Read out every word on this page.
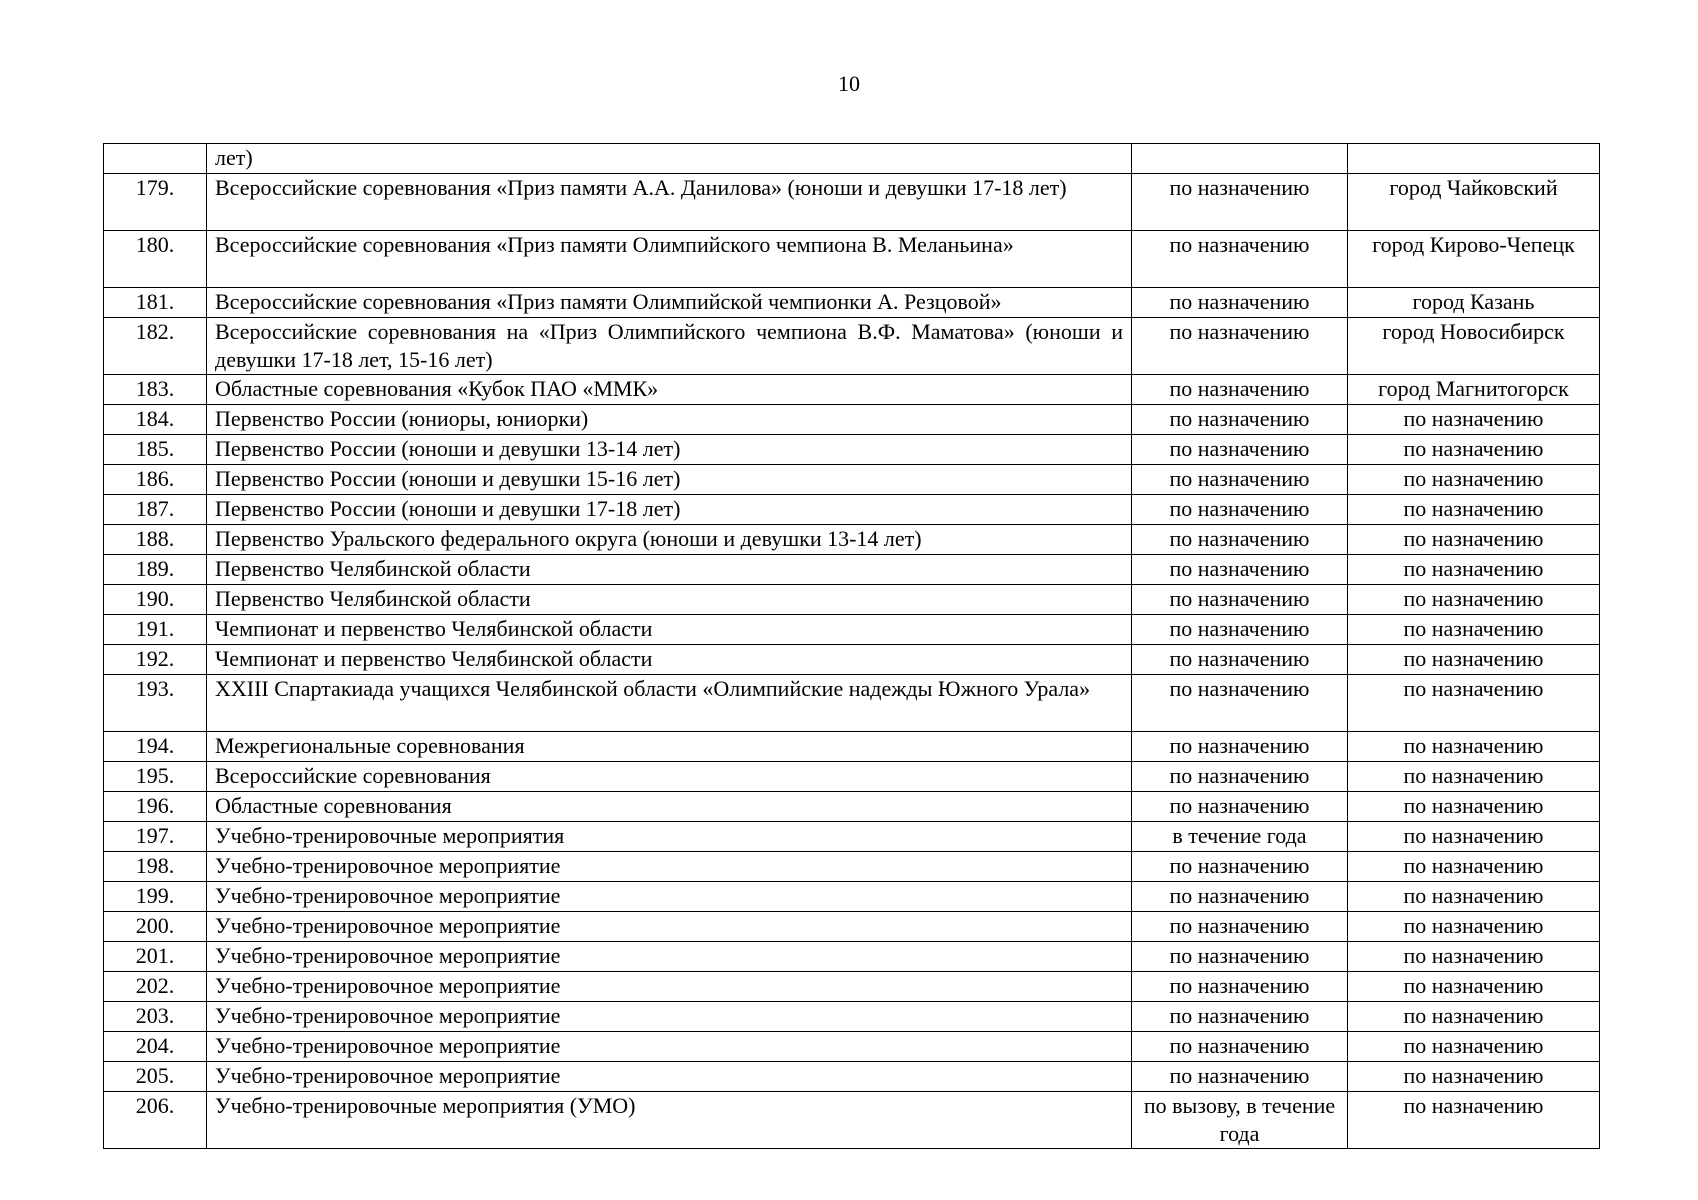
10
	лет)		
179.	Всероссийские соревнования «Приз памяти А.А. Данилова» (юноши и девушки 17-18 лет)	по назначению	город Чайковский
180.	Всероссийские соревнования «Приз памяти Олимпийского чемпиона В. Меланьина»	по назначению	город Кирово-Чепецк
181.	Всероссийские соревнования «Приз памяти Олимпийской чемпионки А. Резцовой»	по назначению	город Казань
182.	Всероссийские соревнования на «Приз Олимпийского чемпиона В.Ф. Маматова» (юноши и девушки 17-18 лет, 15-16 лет)	по назначению	город Новосибирск
183.	Областные соревнования «Кубок ПАО «ММК»	по назначению	город Магнитогорск
184.	Первенство России (юниоры, юниорки)	по назначению	по назначению
185.	Первенство России (юноши и девушки 13-14 лет)	по назначению	по назначению
186.	Первенство России (юноши и девушки 15-16 лет)	по назначению	по назначению
187.	Первенство России (юноши и девушки 17-18 лет)	по назначению	по назначению
188.	Первенство Уральского федерального округа (юноши и девушки 13-14 лет)	по назначению	по назначению
189.	Первенство Челябинской области	по назначению	по назначению
190.	Первенство Челябинской области	по назначению	по назначению
191.	Чемпионат и первенство Челябинской области	по назначению	по назначению
192.	Чемпионат и первенство Челябинской области	по назначению	по назначению
193.	XXIII Спартакиада учащихся Челябинской области «Олимпийские надежды Южного Урала»	по назначению	по назначению
194.	Межрегиональные соревнования	по назначению	по назначению
195.	Всероссийские соревнования	по назначению	по назначению
196.	Областные соревнования	по назначению	по назначению
197.	Учебно-тренировочные мероприятия	в течение года	по назначению
198.	Учебно-тренировочное мероприятие	по назначению	по назначению
199.	Учебно-тренировочное мероприятие	по назначению	по назначению
200.	Учебно-тренировочное мероприятие	по назначению	по назначению
201.	Учебно-тренировочное мероприятие	по назначению	по назначению
202.	Учебно-тренировочное мероприятие	по назначению	по назначению
203.	Учебно-тренировочное мероприятие	по назначению	по назначению
204.	Учебно-тренировочное мероприятие	по назначению	по назначению
205.	Учебно-тренировочное мероприятие	по назначению	по назначению
206.	Учебно-тренировочные мероприятия (УМО)	по вызову, в течение года	по назначению
